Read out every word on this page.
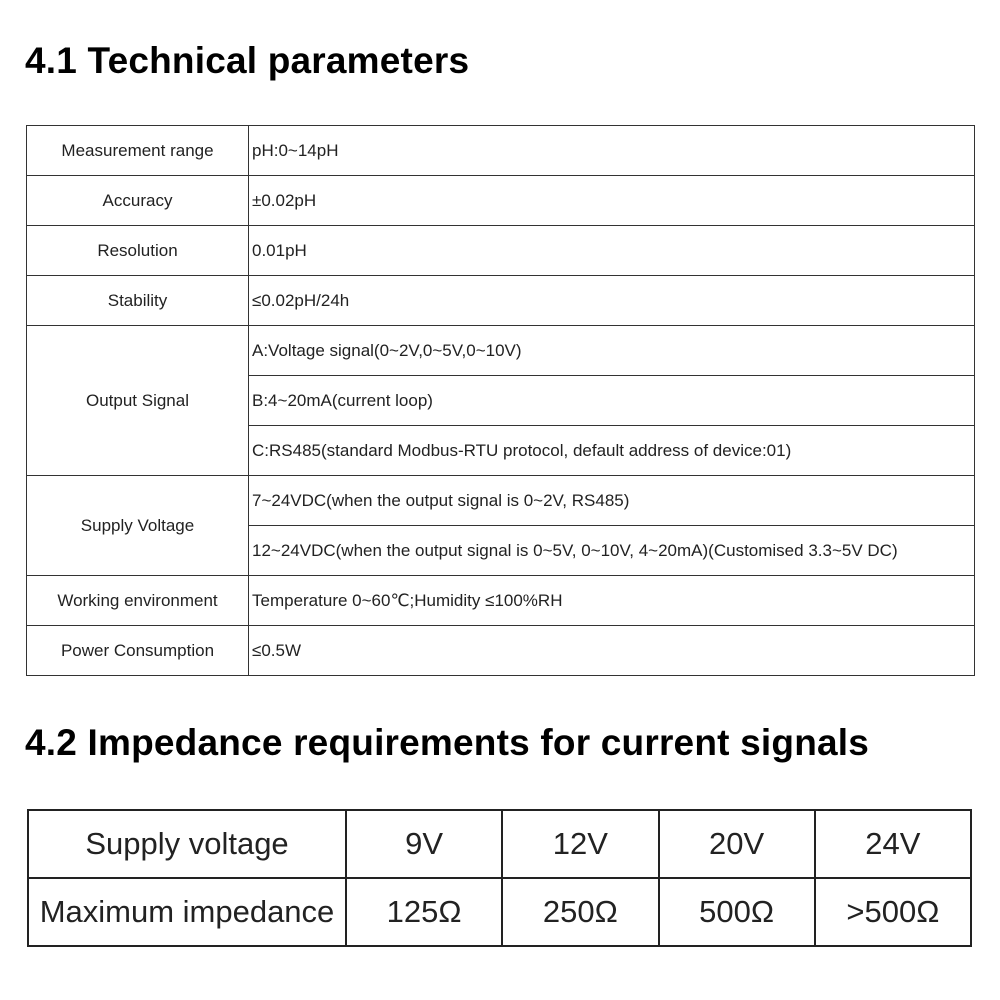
4.1 Technical parameters
Measurement range	pH:0~14pH
Accuracy	±0.02pH
Resolution	0.01pH
Stability	≤0.02pH/24h
Output Signal	A:Voltage signal(0~2V,0~5V,0~10V)
	B:4~20mA(current loop)
	C:RS485(standard Modbus-RTU protocol, default address of device:01)
Supply Voltage	7~24VDC(when the output signal is 0~2V, RS485)
	12~24VDC(when the output signal is 0~5V, 0~10V, 4~20mA)(Customised 3.3~5V DC)
Working environment	Temperature 0~60℃;Humidity ≤100%RH
Power Consumption	≤0.5W
4.2 Impedance requirements for current signals
Supply voltage	9V	12V	20V	24V
Maximum impedance	125Ω	250Ω	500Ω	>500Ω
